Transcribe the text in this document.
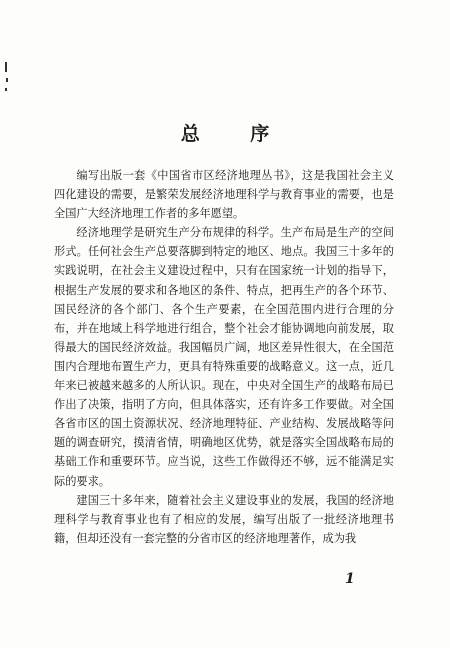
总 序

编写出版一套《中国省市区经济地理丛书》，这是我国社会主义四化建设的需要，是繁荣发展经济地理科学与教育事业的需要，也是全国广大经济地理工作者的多年愿望。

经济地理学是研究生产分布规律的科学。生产布局是生产的空间形式。任何社会生产总要落脚到特定的地区、地点。我国三十多年的实践说明，在社会主义建设过程中，只有在国家统一计划的指导下，根据生产发展的要求和各地区的条件、特点，把再生产的各个环节、国民经济的各个部门、各个生产要素，在全国范围内进行合理的分布，并在地域上科学地进行组合，整个社会才能协调地向前发展，取得最大的国民经济效益。我国幅员广阔，地区差异性很大，在全国范围内合理地布置生产力，更具有特殊重要的战略意义。这一点，近几年来已被越来越多的人所认识。现在，中央对全国生产的战略布局已作出了决策，指明了方向，但具体落实，还有许多工作要做。对全国各省市区的国土资源状况、经济地理特征、产业结构、发展战略等问题的调查研究，摸清省情，明确地区优势，就是落实全国战略布局的基础工作和重要环节。应当说，这些工作做得还不够，远不能满足实际的要求。

建国三十多年来，随着社会主义建设事业的发展，我国的经济地理科学与教育事业也有了相应的发展，编写出版了一批经济地理书籍，但却还没有一套完整的分省市区的经济地理著作，成为我

1
